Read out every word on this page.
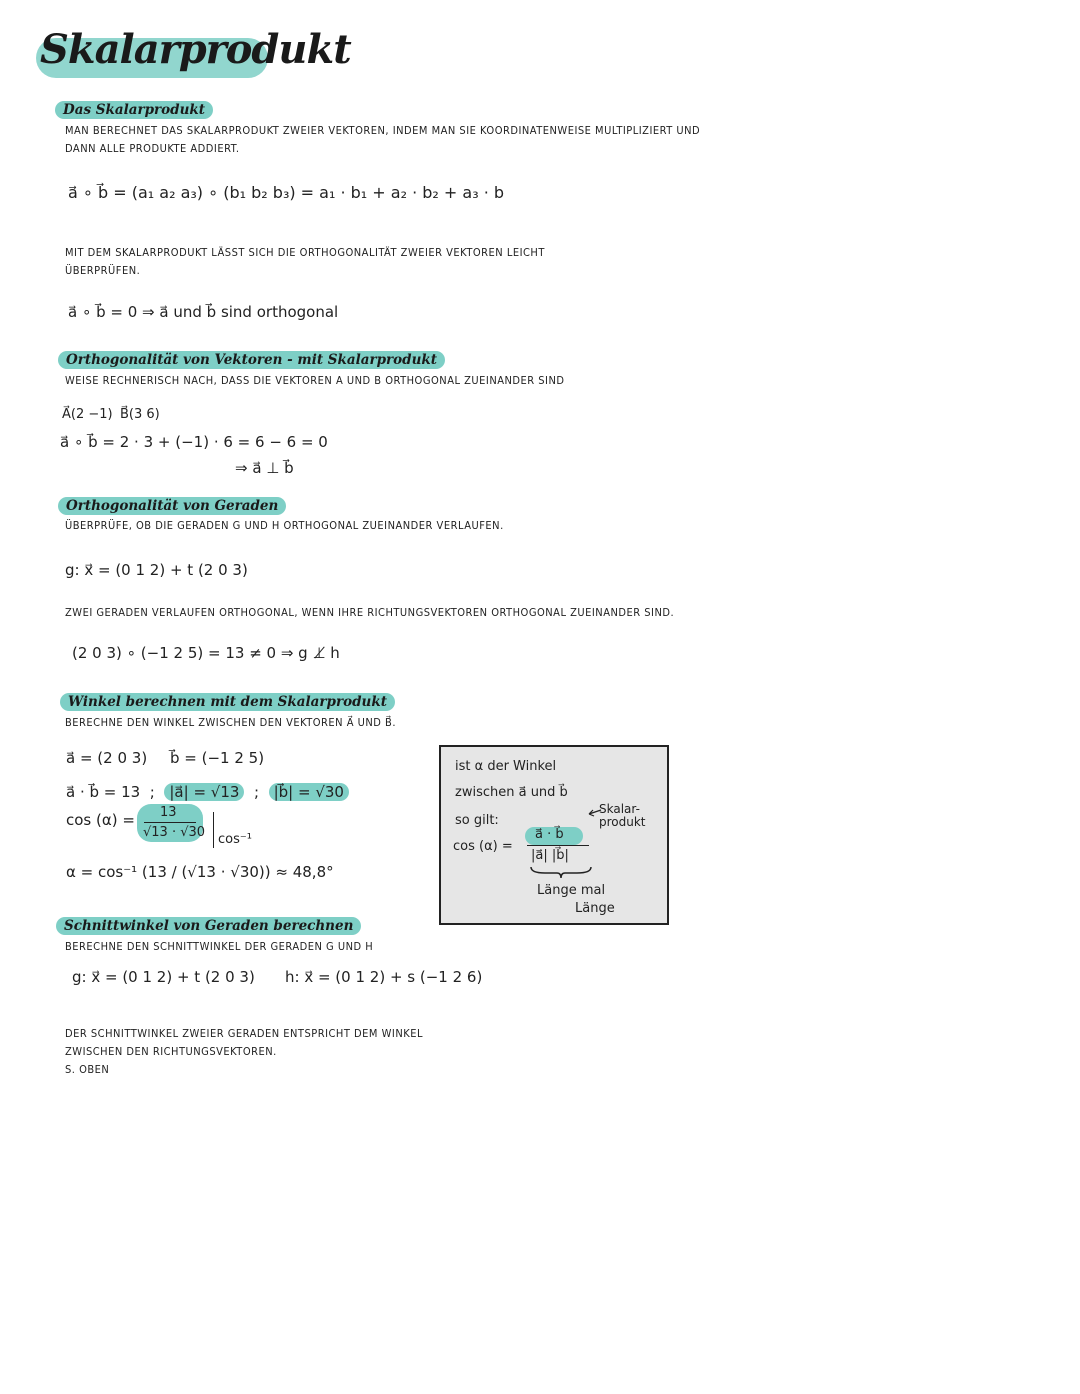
Skalarprodukt
Das Skalarprodukt
MAN BERECHNET DAS SKALARPRODUKT ZWEIER VEKTOREN, INDEM MAN SIE KOORDINATENWEISE MULTIPLIZIERT UND
DANN ALLE PRODUKTE ADDIERT.
a⃗ ∘ b⃗ = (a₁ a₂ a₃) ∘ (b₁ b₂ b₃) = a₁ · b₁ + a₂ · b₂ + a₃ · b
MIT DEM SKALARPRODUKT LÄSST SICH DIE ORTHOGONALITÄT ZWEIER VEKTOREN LEICHT
ÜBERPRÜFEN.
a⃗ ∘ b⃗ = 0 ⇒ a⃗ und b⃗ sind orthogonal
Orthogonalität von Vektoren - mit Skalarprodukt
WEISE RECHNERISCH NACH, DASS DIE VEKTOREN A UND B ORTHOGONAL ZUEINANDER SIND
A⃗(2 −1) B⃗(3 6)
a⃗ ∘ b⃗ = 2 · 3 + (−1) · 6 = 6 − 6 = 0
⇒ a⃗ ⊥ b⃗
Orthogonalität von Geraden
ÜBERPRÜFE, OB DIE GERADEN G UND H ORTHOGONAL ZUEINANDER VERLAUFEN.
g: x⃗ = (0 1 2) + t (2 0 3)
ZWEI GERADEN VERLAUFEN ORTHOGONAL, WENN IHRE RICHTUNGSVEKTOREN ORTHOGONAL ZUEINANDER SIND.
(2 0 3) ∘ (−1 2 5) = 13 ≠ 0 ⇒ g ⊥̸ h
Winkel berechnen mit dem Skalarprodukt
BERECHNE DEN WINKEL ZWISCHEN DEN VEKTOREN A⃗ UND B⃗.
a⃗ = (2 0 3) b⃗ = (−1 2 5)
a⃗ · b⃗ = 13  ;  |a⃗| = √13  ;  |b⃗| = √30
cos (α) = 13
√13 · √30 cos⁻¹
α = cos⁻¹ (13 / (√13 · √30)) ≈ 48,8°
ist α der Winkel
zwischen a⃗ und b⃗
so gilt:
Skalar-
produkt
cos (α) =
a⃗ · b⃗
|a⃗| |b⃗|
Länge mal
Länge
Schnittwinkel von Geraden berechnen
BERECHNE DEN SCHNITTWINKEL DER GERADEN G UND H
g: x⃗ = (0 1 2) + t (2 0 3) h: x⃗ = (0 1 2) + s (−1 2 6)
DER SCHNITTWINKEL ZWEIER GERADEN ENTSPRICHT DEM WINKEL
ZWISCHEN DEN RICHTUNGSVEKTOREN.
S. OBEN
